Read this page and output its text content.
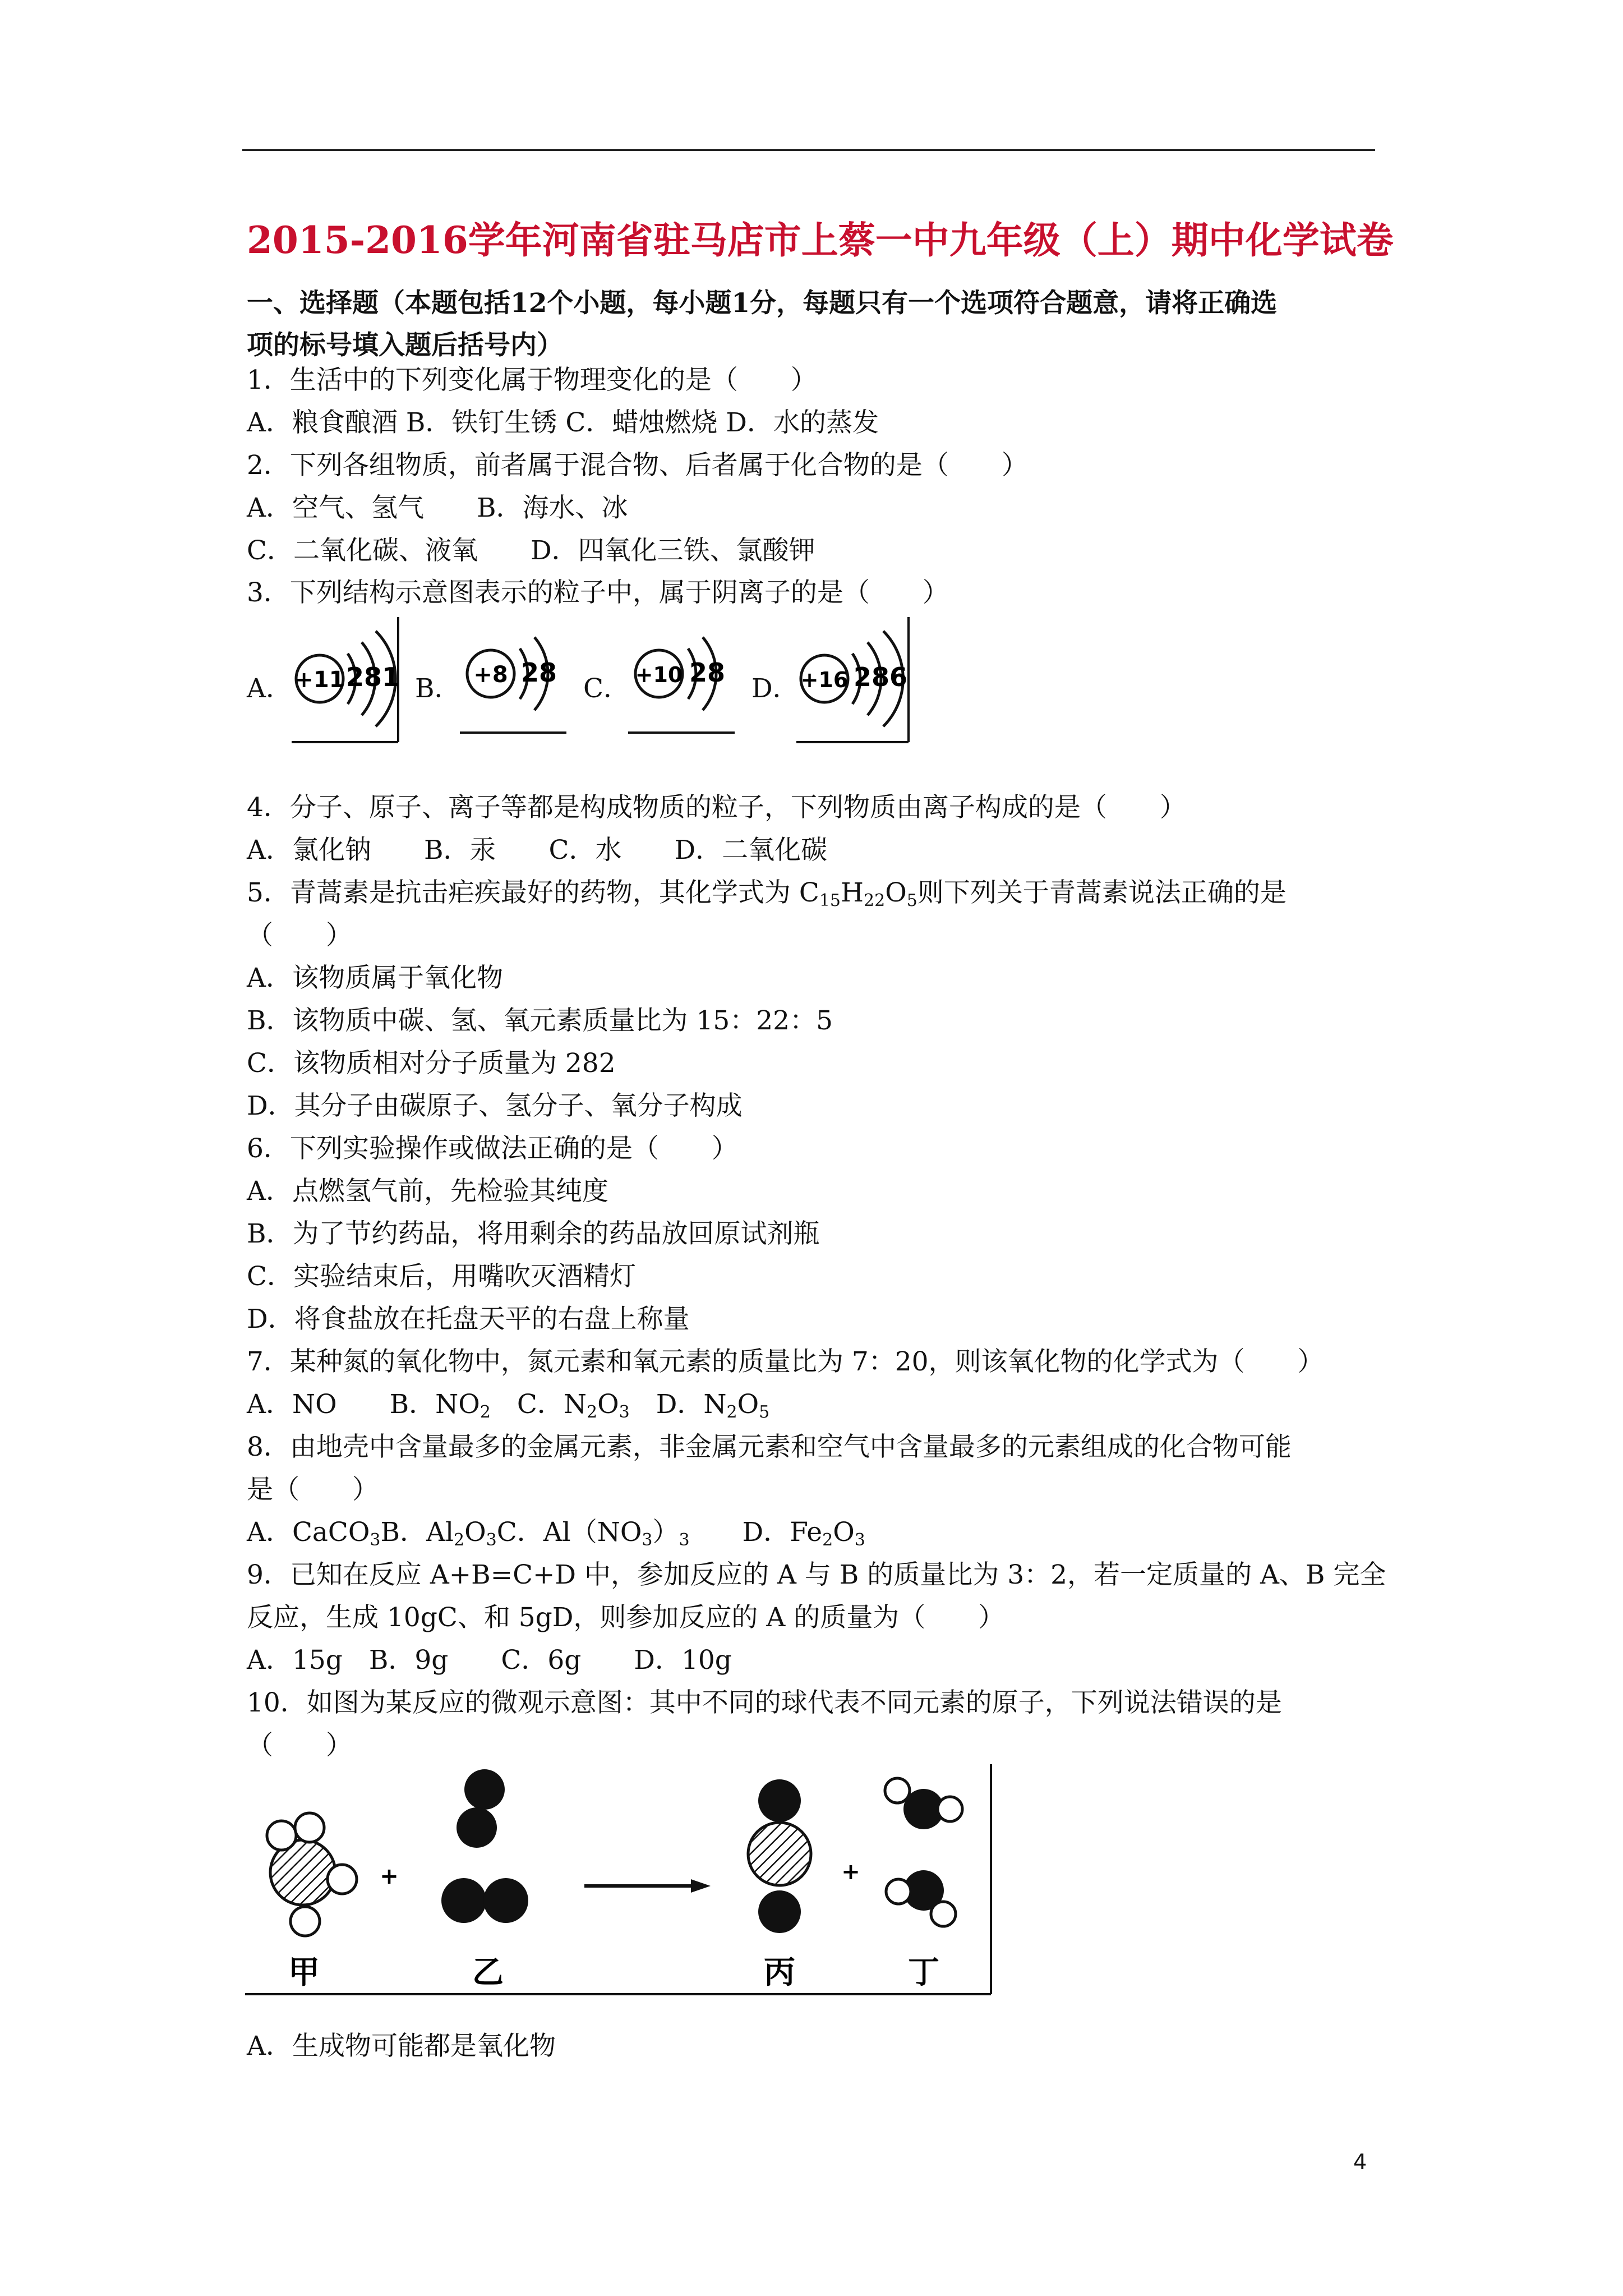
2015-2016学年河南省驻马店市上蔡一中九年级（上）期中化学试卷
一、选择题（本题包括12个小题，每小题1分，每题只有一个选项符合题意，请将正确选
项的标号填入题后括号内）
1．生活中的下列变化属于物理变化的是（　　）
A．粮食酿酒 B．铁钉生锈 C．蜡烛燃烧 D．水的蒸发
2．下列各组物质，前者属于混合物、后者属于化合物的是（　　）
A．空气、氢气　　B．海水、冰
C．二氧化碳、液氧　　D．四氧化三铁、氯酸钾
3．下列结构示意图表示的粒子中，属于阴离子的是（　　）
A． +11 281 B． +8 28
C． +10 28
D． +16 286
4．分子、原子、离子等都是构成物质的粒子，下列物质由离子构成的是（　　）
A．氯化钠　　B．汞　　C．水　　D．二氧化碳
5．青蒿素是抗击疟疾最好的药物，其化学式为 $C_{15}H_{22}O_5$则下列关于青蒿素说法正确的是
（　　）
A．该物质属于氧化物
B．该物质中碳、氢、氧元素质量比为 15：22：5
C．该物质相对分子质量为 282
D．其分子由碳原子、氢分子、氧分子构成
6．下列实验操作或做法正确的是（　　）
A．点燃氢气前，先检验其纯度
B．为了节约药品，将用剩余的药品放回原试剂瓶
C．实验结束后，用嘴吹灭酒精灯
D．将食盐放在托盘天平的右盘上称量
7．某种氮的氧化物中，氮元素和氧元素的质量比为 7：20，则该氧化物的化学式为（　　）
A．NO　　B．$NO_2$　C．$N_2O_3$　D．$N_2O_5$
8．由地壳中含量最多的金属元素，非金属元素和空气中含量最多的元素组成的化合物可能
是（　　）
A．CaCO$_3$B．$Al_2O_3C$．$Al(NO_3)_3$　　D．$Fe_2O_3$
9．已知在反应 A+B=C+D 中，参加反应的 A 与 B 的质量比为 3：2，若一定质量的 A、B 完全
反应，生成 10gC、和 5gD，则参加反应的 A 的质量为（　　）
A．15g　B．9g　　C．6g　　D．10g
10．如图为某反应的微观示意图：其中不同的球代表不同元素的原子，下列说法错误的是
（　　）
+	+
甲	乙	丙	丁
A．生成物可能都是氧化物
4
